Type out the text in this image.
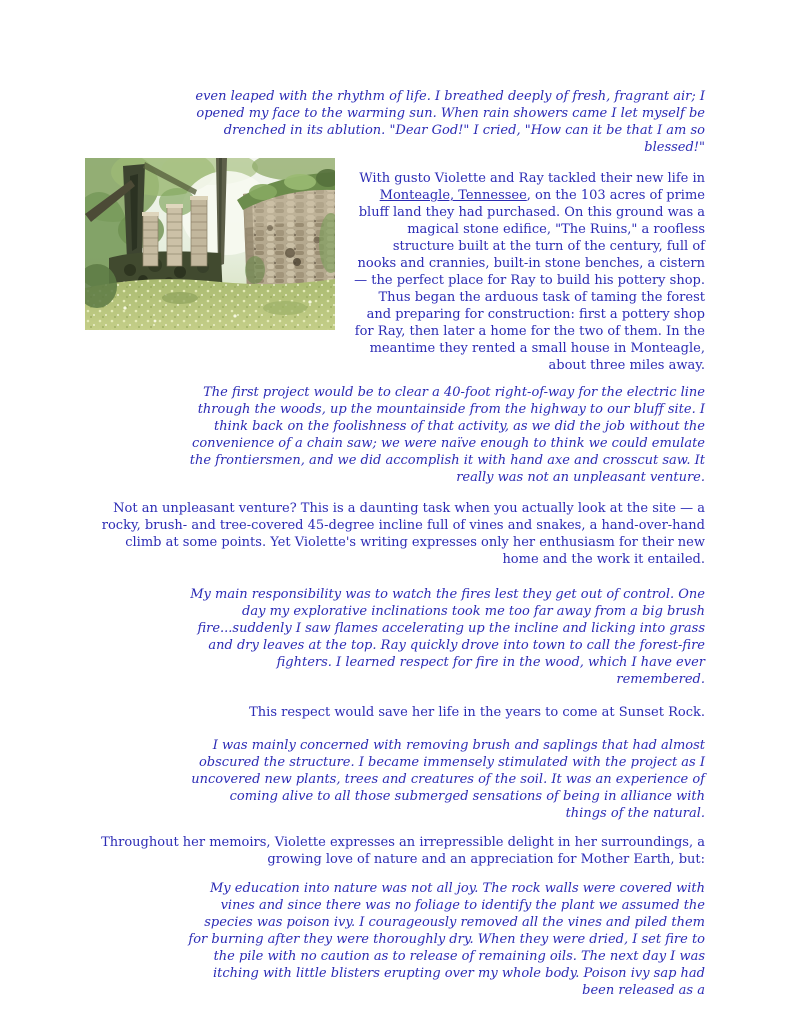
even leaped with the rhythm of life. I breathed deeply of fresh, fragrant air; I opened my face to the warming sun. When rain showers came I let myself be drenched in its ablution. "Dear God!" I cried, "How can it be that I am so blessed!"

With gusto Violette and Ray tackled their new life in Monteagle, Tennessee, on the 103 acres of prime bluff land they had purchased. On this ground was a magical stone edifice, "The Ruins," a roofless structure built at the turn of the century, full of nooks and crannies, built-in stone benches, a cistern — the perfect place for Ray to build his pottery shop. Thus began the arduous task of taming the forest and preparing for construction: first a pottery shop for Ray, then later a home for the two of them. In the meantime they rented a small house in Monteagle, about three miles away.

The first project would be to clear a 40-foot right-of-way for the electric line through the woods, up the mountainside from the highway to our bluff site. I think back on the foolishness of that activity, as we did the job without the convenience of a chain saw; we were naïve enough to think we could emulate the frontiersmen, and we did accomplish it with hand axe and crosscut saw. It really was not an unpleasant venture.

Not an unpleasant venture? This is a daunting task when you actually look at the site — a rocky, brush- and tree-covered 45-degree incline full of vines and snakes, a hand-over-hand climb at some points. Yet Violette's writing expresses only her enthusiasm for their new home and the work it entailed.

My main responsibility was to watch the fires lest they get out of control. One day my explorative inclinations took me too far away from a big brush fire...suddenly I saw flames accelerating up the incline and licking into grass and dry leaves at the top. Ray quickly drove into town to call the forest-fire fighters. I learned respect for fire in the wood, which I have ever remembered.

This respect would save her life in the years to come at Sunset Rock.

I was mainly concerned with removing brush and saplings that had almost obscured the structure. I became immensely stimulated with the project as I uncovered new plants, trees and creatures of the soil. It was an experience of coming alive to all those submerged sensations of being in alliance with things of the natural.

Throughout her memoirs, Violette expresses an irrepressible delight in her surroundings, a growing love of nature and an appreciation for Mother Earth, but:

My education into nature was not all joy. The rock walls were covered with vines and since there was no foliage to identify the plant we assumed the species was poison ivy. I courageously removed all the vines and piled them for burning after they were thoroughly dry. When they were dried, I set fire to the pile with no caution as to release of remaining oils. The next day I was itching with little blisters erupting over my whole body. Poison ivy sap had been released as a
